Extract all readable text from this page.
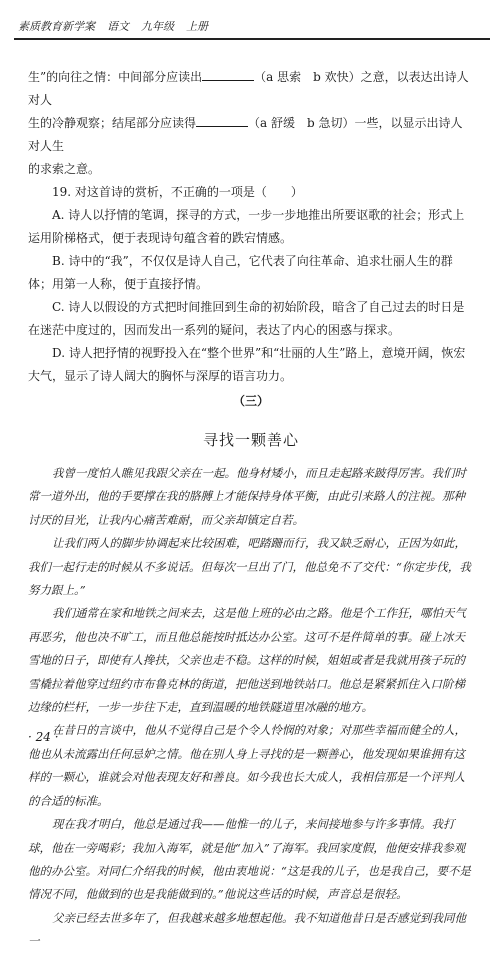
素质教育新学案 语文 九年级 上册

生”的向往之情：中间部分应读出	（a 思索　b 欢快）之意，以表达出诗人对人

生的冷静观察；结尾部分应读得	（a 舒缓　b 急切）一些，以显示出诗人对人生

的求索之意。

19. 对这首诗的赏析，不正确的一项是（　　）

A. 诗人以抒情的笔调，探寻的方式，一步一步地推出所要讴歌的社会；形式上运用阶梯格式，便于表现诗句蕴含着的跌宕情感。

B. 诗中的“我”，不仅仅是诗人自己，它代表了向往革命、追求壮丽人生的群体；用第一人称，便于直接抒情。

C. 诗人以假设的方式把时间推回到生命的初始阶段，暗含了自己过去的时日是在迷茫中度过的，因而发出一系列的疑问，表达了内心的困惑与探求。

D. 诗人把抒情的视野投入在“整个世界”和“壮丽的人生”路上，意境开阔，恢宏大气，显示了诗人阔大的胸怀与深厚的语言功力。

（三）

寻找一颗善心

我曾一度怕人瞧见我跟父亲在一起。他身材矮小，而且走起路来跛得厉害。我们时常一道外出，他的手要撑在我的胳膊上才能保持身体平衡，由此引来路人的注视。那种讨厌的目光，让我内心痛苦难耐，而父亲却镇定自若。

让我们两人的脚步协调起来比较困难，吧踏跚而行，我又缺乏耐心，正因为如此，我们一起行走的时候从不多说话。但每次一旦出了门，他总免不了交代：“你定步伐，我努力跟上。”

我们通常在家和地铁之间来去，这是他上班的必由之路。他是个工作狂，哪怕天气再恶劣，他也决不旷工，而且他总能按时抵达办公室。这可不是件简单的事。碰上冰天雪地的日子，即使有人搀扶，父亲也走不稳。这样的时候，姐姐或者是我就用孩子玩的雪橇拉着他穿过纽约市布鲁克林的街道，把他送到地铁站口。他总是紧紧抓住入口阶梯边缘的栏杆，一步一步往下走，直到温暖的地铁隧道里冰融的地方。

在昔日的言谈中，他从不觉得自己是个令人怜悯的对象；对那些幸福而健全的人，他也从未流露出任何忌妒之情。他在别人身上寻找的是一颗善心，他发现如果谁拥有这样的一颗心，谁就会对他表现友好和善良。如今我也长大成人，我相信那是一个评判人的合适的标准。

现在我才明白，他总是通过我——他惟一的儿子，来间接地参与许多事情。我打球，他在一旁喝彩；我加入海军，就是他“加入”了海军。我回家度假，他便安排我参观他的办公室。对同仁介绍我的时候，他由衷地说：“这是我的儿子，也是我自己，要不是情况不同，他做到的也是我能做到的。”他说这些话的时候，声音总是很轻。

父亲已经去世多年了，但我越来越多地想起他。我不知道他昔日是否感觉到我同他一

· 24 ·
